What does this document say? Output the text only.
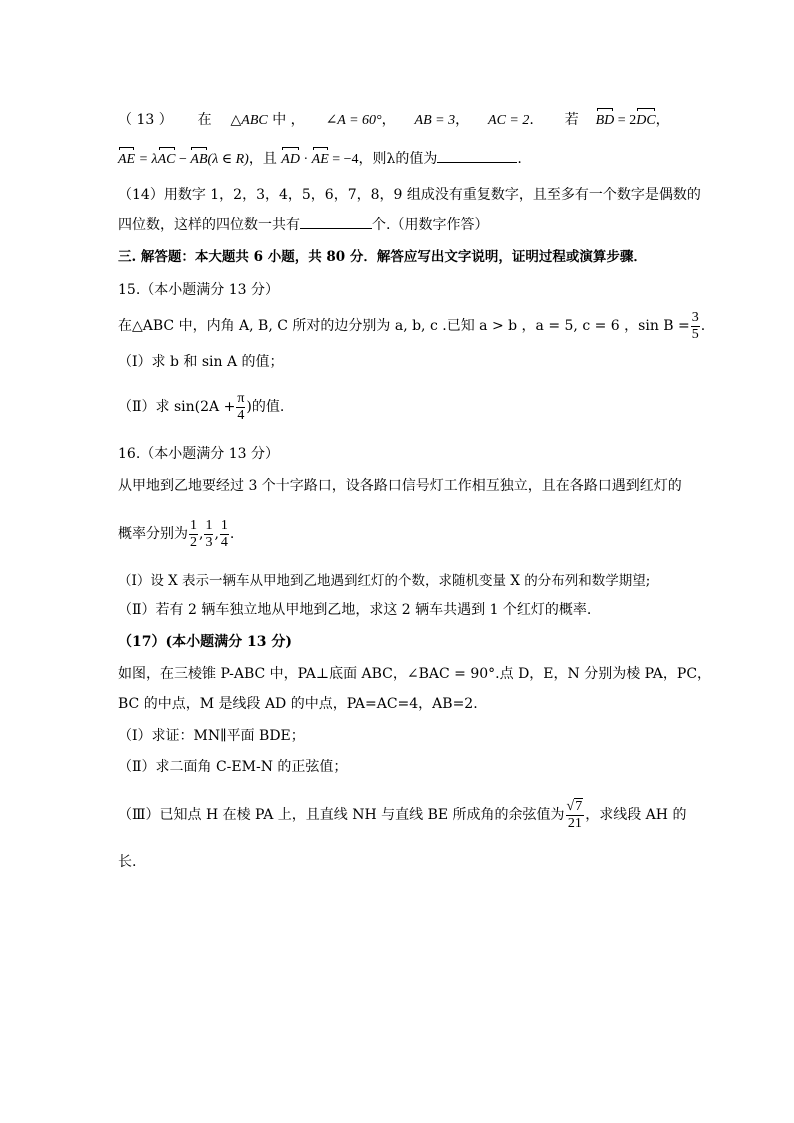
（ 13 ） 在 △ABC 中 ， ∠A = 60°， AB = 3， AC = 2. 若 BD = 2DC，
AE = λAC − AB(λ ∈ R)，且 AD · AE = −4，则λ的值为	.
（14）用数字 1，2，3，4，5，6，7，8，9 组成没有重复数字，且至多有一个数字是偶数的
四位数，这样的四位数一共有	个.（用数字作答）
三. 解答题：本大题共 6 小题，共 80 分．解答应写出文字说明，证明过程或演算步骤．
15.（本小题满分 13 分）
在△ABC 中，内角 A, B, C 所对的边分别为 a, b, c .已知 a > b ，a = 5, c = 6 ，$\sin B = \frac{3}{5}$ .
（Ⅰ）求 b 和 sin A 的值；
（Ⅱ）求 $\sin(2A + \frac{\pi}{4}$ )的值.
16.（本小题满分 13 分）
从甲地到乙地要经过 3 个十字路口，设各路口信号灯工作相互独立，且在各路口遇到红灯的
概率分别为 $\frac{1}{2}$ , $\frac{1}{3}$ , $\frac{1}{4}$ .
（Ⅰ）设 X 表示一辆车从甲地到乙地遇到红灯的个数，求随机变量 X 的分布列和数学期望;
（Ⅱ）若有 2 辆车独立地从甲地到乙地，求这 2 辆车共遇到 1 个红灯的概率.
（17）(本小题满分 13 分)
如图，在三棱锥 P-ABC 中，PA⊥底面 ABC，∠BAC = 90°.点 D，E，N 分别为棱 PA，PC，
BC 的中点，M 是线段 AD 的中点，PA=AC=4，AB=2.
（Ⅰ）求证：MN∥平面 BDE；
（Ⅱ）求二面角 C-EM-N 的正弦值；
（Ⅲ）已知点 H 在棱 PA 上，且直线 NH 与直线 BE 所成角的余弦值为 $\frac{√7}{21}$ ，求线段 AH 的
长.
